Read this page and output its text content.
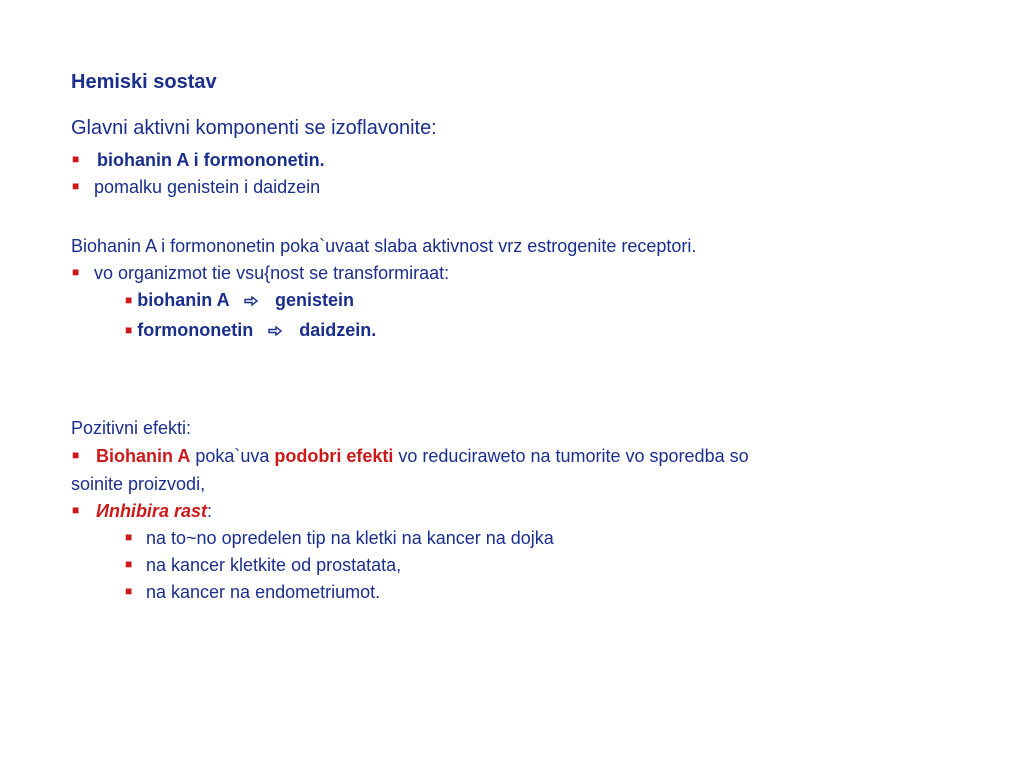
Hemiski sostav
Glavni aktivni komponenti se izoflavonite:
■ biohanin A i formononetin.
■ pomalku genistein i daidzein
Biohanin A i formononetin poka`uvaat slaba aktivnost vrz estrogenite receptori.
■ vo organizmot tie vsu{nost se transformiraat:
■ biohanin A	genistein
■ formononetin	daidzein.
Pozitivni efekti:
■ Biohanin A poka`uva podobri efekti vo reduciraweto na tumorite vo sporedba so
soinite proizvodi,
■ Иnhibira rast:
■ na to~no opredelen tip na kletki na kancer na dojka
■ na kancer kletkite od prostatata,
■ na kancer na endometriumot.
